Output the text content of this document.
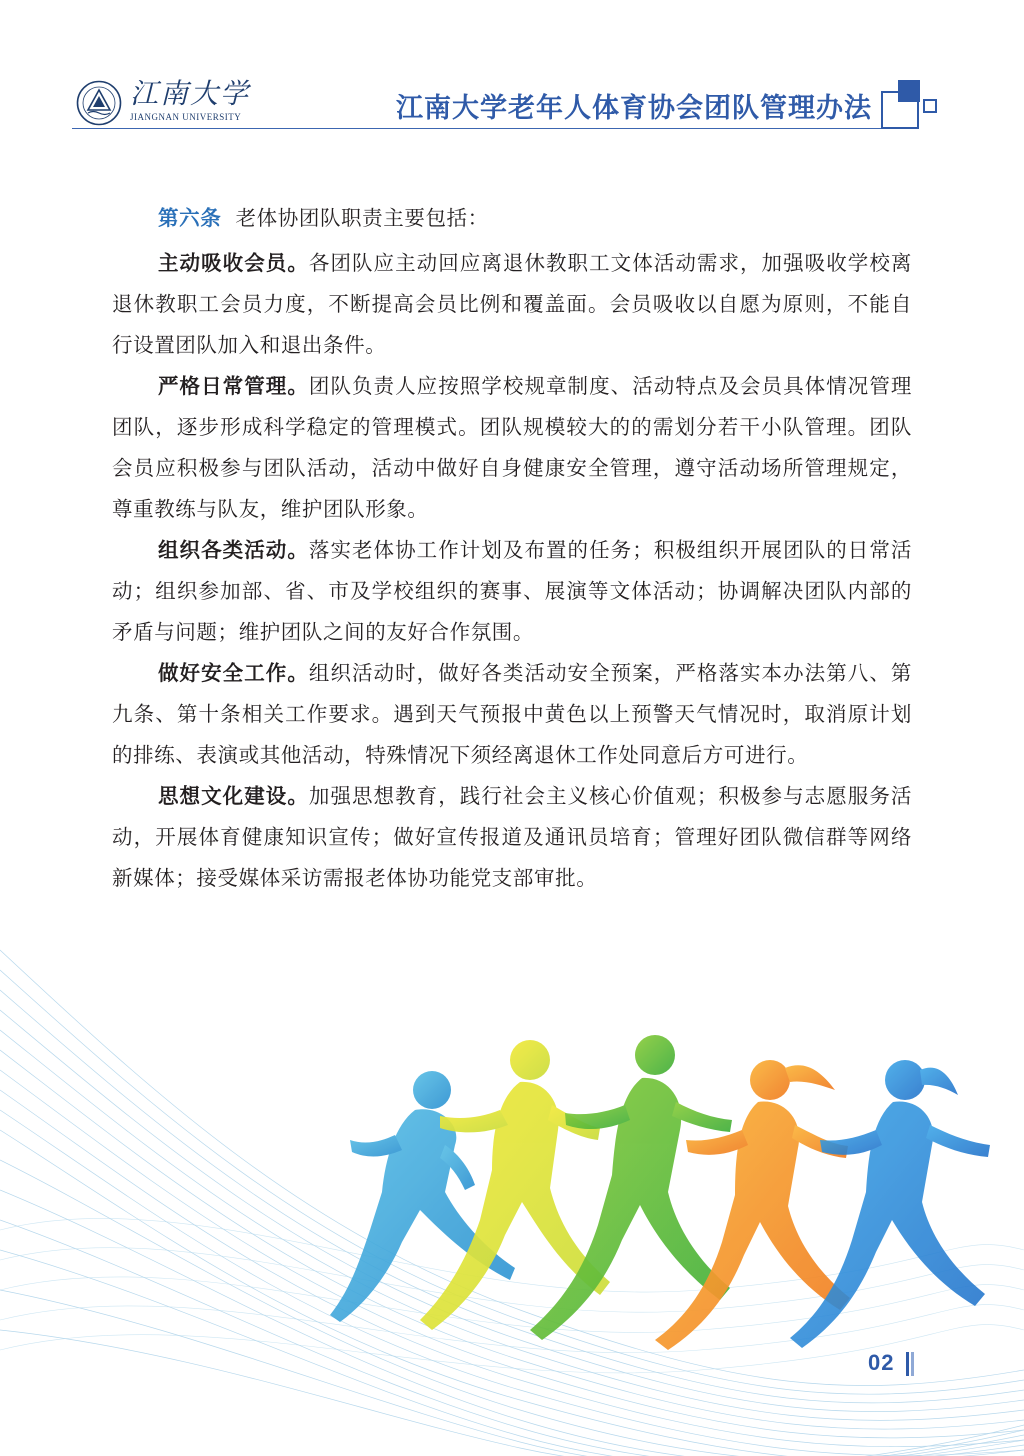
江南大学
JIANGNAN UNIVERSITY	江南大学老年人体育协会团队管理办法

第六条 老体协团队职责主要包括：

主动吸收会员。各团队应主动回应离退休教职工文体活动需求，加强吸收学校离退休教职工会员力度，不断提高会员比例和覆盖面。会员吸收以自愿为原则，不能自行设置团队加入和退出条件。

严格日常管理。团队负责人应按照学校规章制度、活动特点及会员具体情况管理团队，逐步形成科学稳定的管理模式。团队规模较大的的需划分若干小队管理。团队会员应积极参与团队活动，活动中做好自身健康安全管理，遵守活动场所管理规定，尊重教练与队友，维护团队形象。

组织各类活动。落实老体协工作计划及布置的任务；积极组织开展团队的日常活动；组织参加部、省、市及学校组织的赛事、展演等文体活动；协调解决团队内部的矛盾与问题；维护团队之间的友好合作氛围。

做好安全工作。组织活动时，做好各类活动安全预案，严格落实本办法第八、第九条、第十条相关工作要求。遇到天气预报中黄色以上预警天气情况时，取消原计划的排练、表演或其他活动，特殊情况下须经离退休工作处同意后方可进行。

思想文化建设。加强思想教育，践行社会主义核心价值观；积极参与志愿服务活动，开展体育健康知识宣传；做好宣传报道及通讯员培育；管理好团队微信群等网络新媒体；接受媒体采访需报老体协功能党支部审批。

02
